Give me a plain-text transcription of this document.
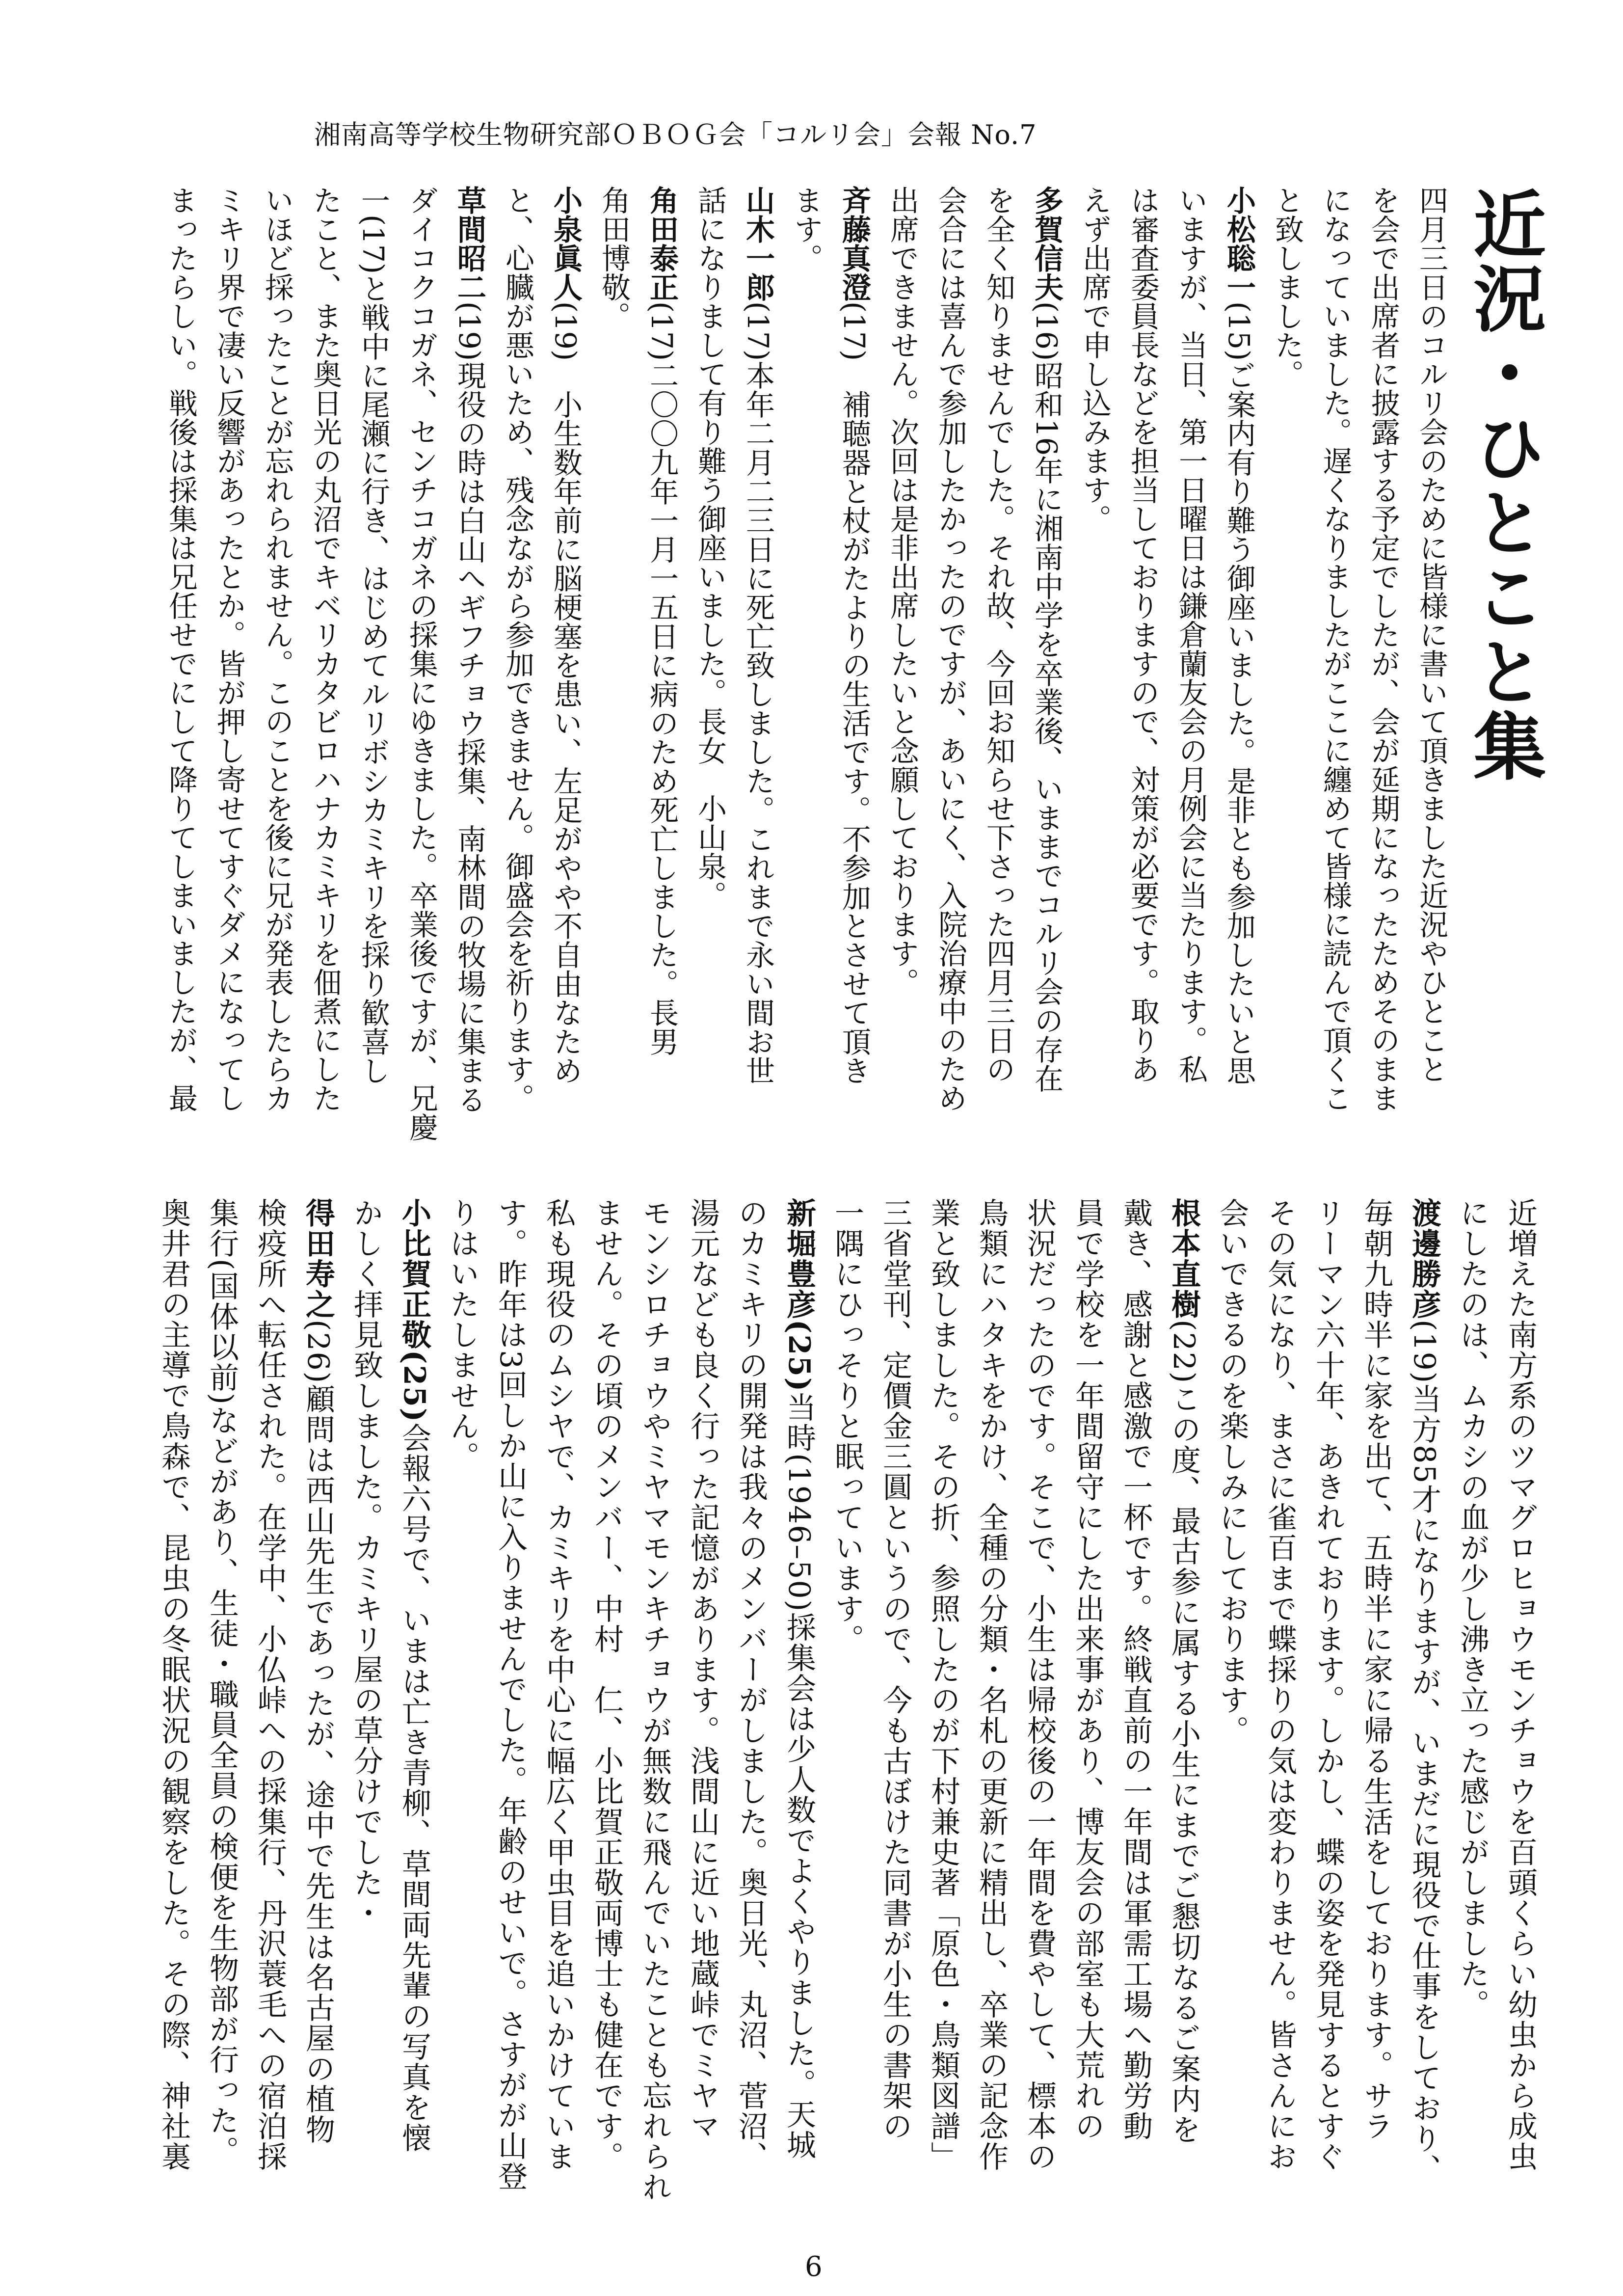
湘南高等学校生物研究部ＯＢＯＧ会「コルリ会」会報 No.7
近況・ひとこと集
四月三日のコルリ会のために皆様に書いて頂きました近況やひとこと
を会で出席者に披露する予定でしたが、会が延期になったためそのまま
になっていました。遅くなりましたがここに纏めて皆様に読んで頂くこ
と致しました。
小松聡一(15)ご案内有り難う御座いました。是非とも参加したいと思
いますが、当日、第一日曜日は鎌倉蘭友会の月例会に当たります。私
は審査委員長などを担当しておりますので、対策が必要です。取りあ
えず出席で申し込みます。
多賀信夫(16)昭和16年に湘南中学を卒業後、いままでコルリ会の存在
を全く知りませんでした。それ故、今回お知らせ下さった四月三日の
会合には喜んで参加したかったのですが、あいにく、入院治療中のため
出席できません。次回は是非出席したいと念願しております。
斉藤真澄(17)　補聴器と杖がたよりの生活です。不参加とさせて頂き
ます。
山木一郎(17)本年二月二三日に死亡致しました。これまで永い間お世
話になりまして有り難う御座いました。長女　小山泉。
角田泰正(17)二〇〇九年一月一五日に病のため死亡しました。長男
角田博敬。
小泉眞人(19)　小生数年前に脳梗塞を患い、左足がやや不自由なため
と、心臓が悪いため、残念ながら参加できません。御盛会を祈ります。
草間昭二(19)現役の時は白山へギフチョウ採集、南林間の牧場に集まる
ダイコクコガネ、センチコガネの採集にゆきました。卒業後ですが、兄慶
一(17)と戦中に尾瀬に行き、はじめてルリボシカミキリを採り歓喜し
たこと、また奥日光の丸沼でキベリカタビロハナカミキリを佃煮にした
いほど採ったことが忘れられません。このことを後に兄が発表したらカ
ミキリ界で凄い反響があったとか。皆が押し寄せてすぐダメになってし
まったらしい。戦後は採集は兄任せでにして降りてしまいましたが、最
近増えた南方系のツマグロヒョウモンチョウを百頭くらい幼虫から成虫
にしたのは、ムカシの血が少し沸き立った感じがしました。
渡邊勝彦(19)当方85才になりますが、いまだに現役で仕事をしており、
毎朝九時半に家を出て、五時半に家に帰る生活をしております。サラ
リーマン六十年、あきれております。しかし、蝶の姿を発見するとすぐ
その気になり、まさに雀百まで蝶採りの気は変わりません。皆さんにお
会いできるのを楽しみにしております。
根本直樹(22)この度、最古参に属する小生にまでご懇切なるご案内を
戴き、感謝と感激で一杯です。終戦直前の一年間は軍需工場へ勤労動
員で学校を一年間留守にした出来事があり、博友会の部室も大荒れの
状況だったのです。そこで、小生は帰校後の一年間を費やして、標本の
鳥類にハタキをかけ、全種の分類・名札の更新に精出し、卒業の記念作
業と致しました。その折、参照したのが下村兼史著「原色・鳥類図譜」
三省堂刊、定價金三圓というので、今も古ぼけた同書が小生の書架の
一隅にひっそりと眠っています。
新堀豊彦(25)当時(1946–50)採集会は少人数でよくやりました。天城
のカミキリの開発は我々のメンバーがしました。奥日光、丸沼、菅沼、
湯元なども良く行った記憶があります。浅間山に近い地蔵峠でミヤマ
モンシロチョウやミヤマモンキチョウが無数に飛んでいたことも忘れられ
ません。その頃のメンバー、中村　仁、小比賀正敬両博士も健在です。
私も現役のムシヤで、カミキリを中心に幅広く甲虫目を追いかけていま
す。昨年は3回しか山に入りませんでした。年齢のせいで。さすがが山登
りはいたしません。
小比賀正敬(25)会報六号で、いまは亡き青柳、草間両先輩の写真を懐
かしく拝見致しました。カミキリ屋の草分けでした・
得田寿之(26)顧問は西山先生であったが、途中で先生は名古屋の植物
検疫所へ転任された。在学中、小仏峠への採集行、丹沢蓑毛への宿泊採
集行(国体以前)などがあり、生徒・職員全員の検便を生物部が行った。
奥井君の主導で鳥森で、昆虫の冬眠状況の観察をした。その際、神社裏
6
